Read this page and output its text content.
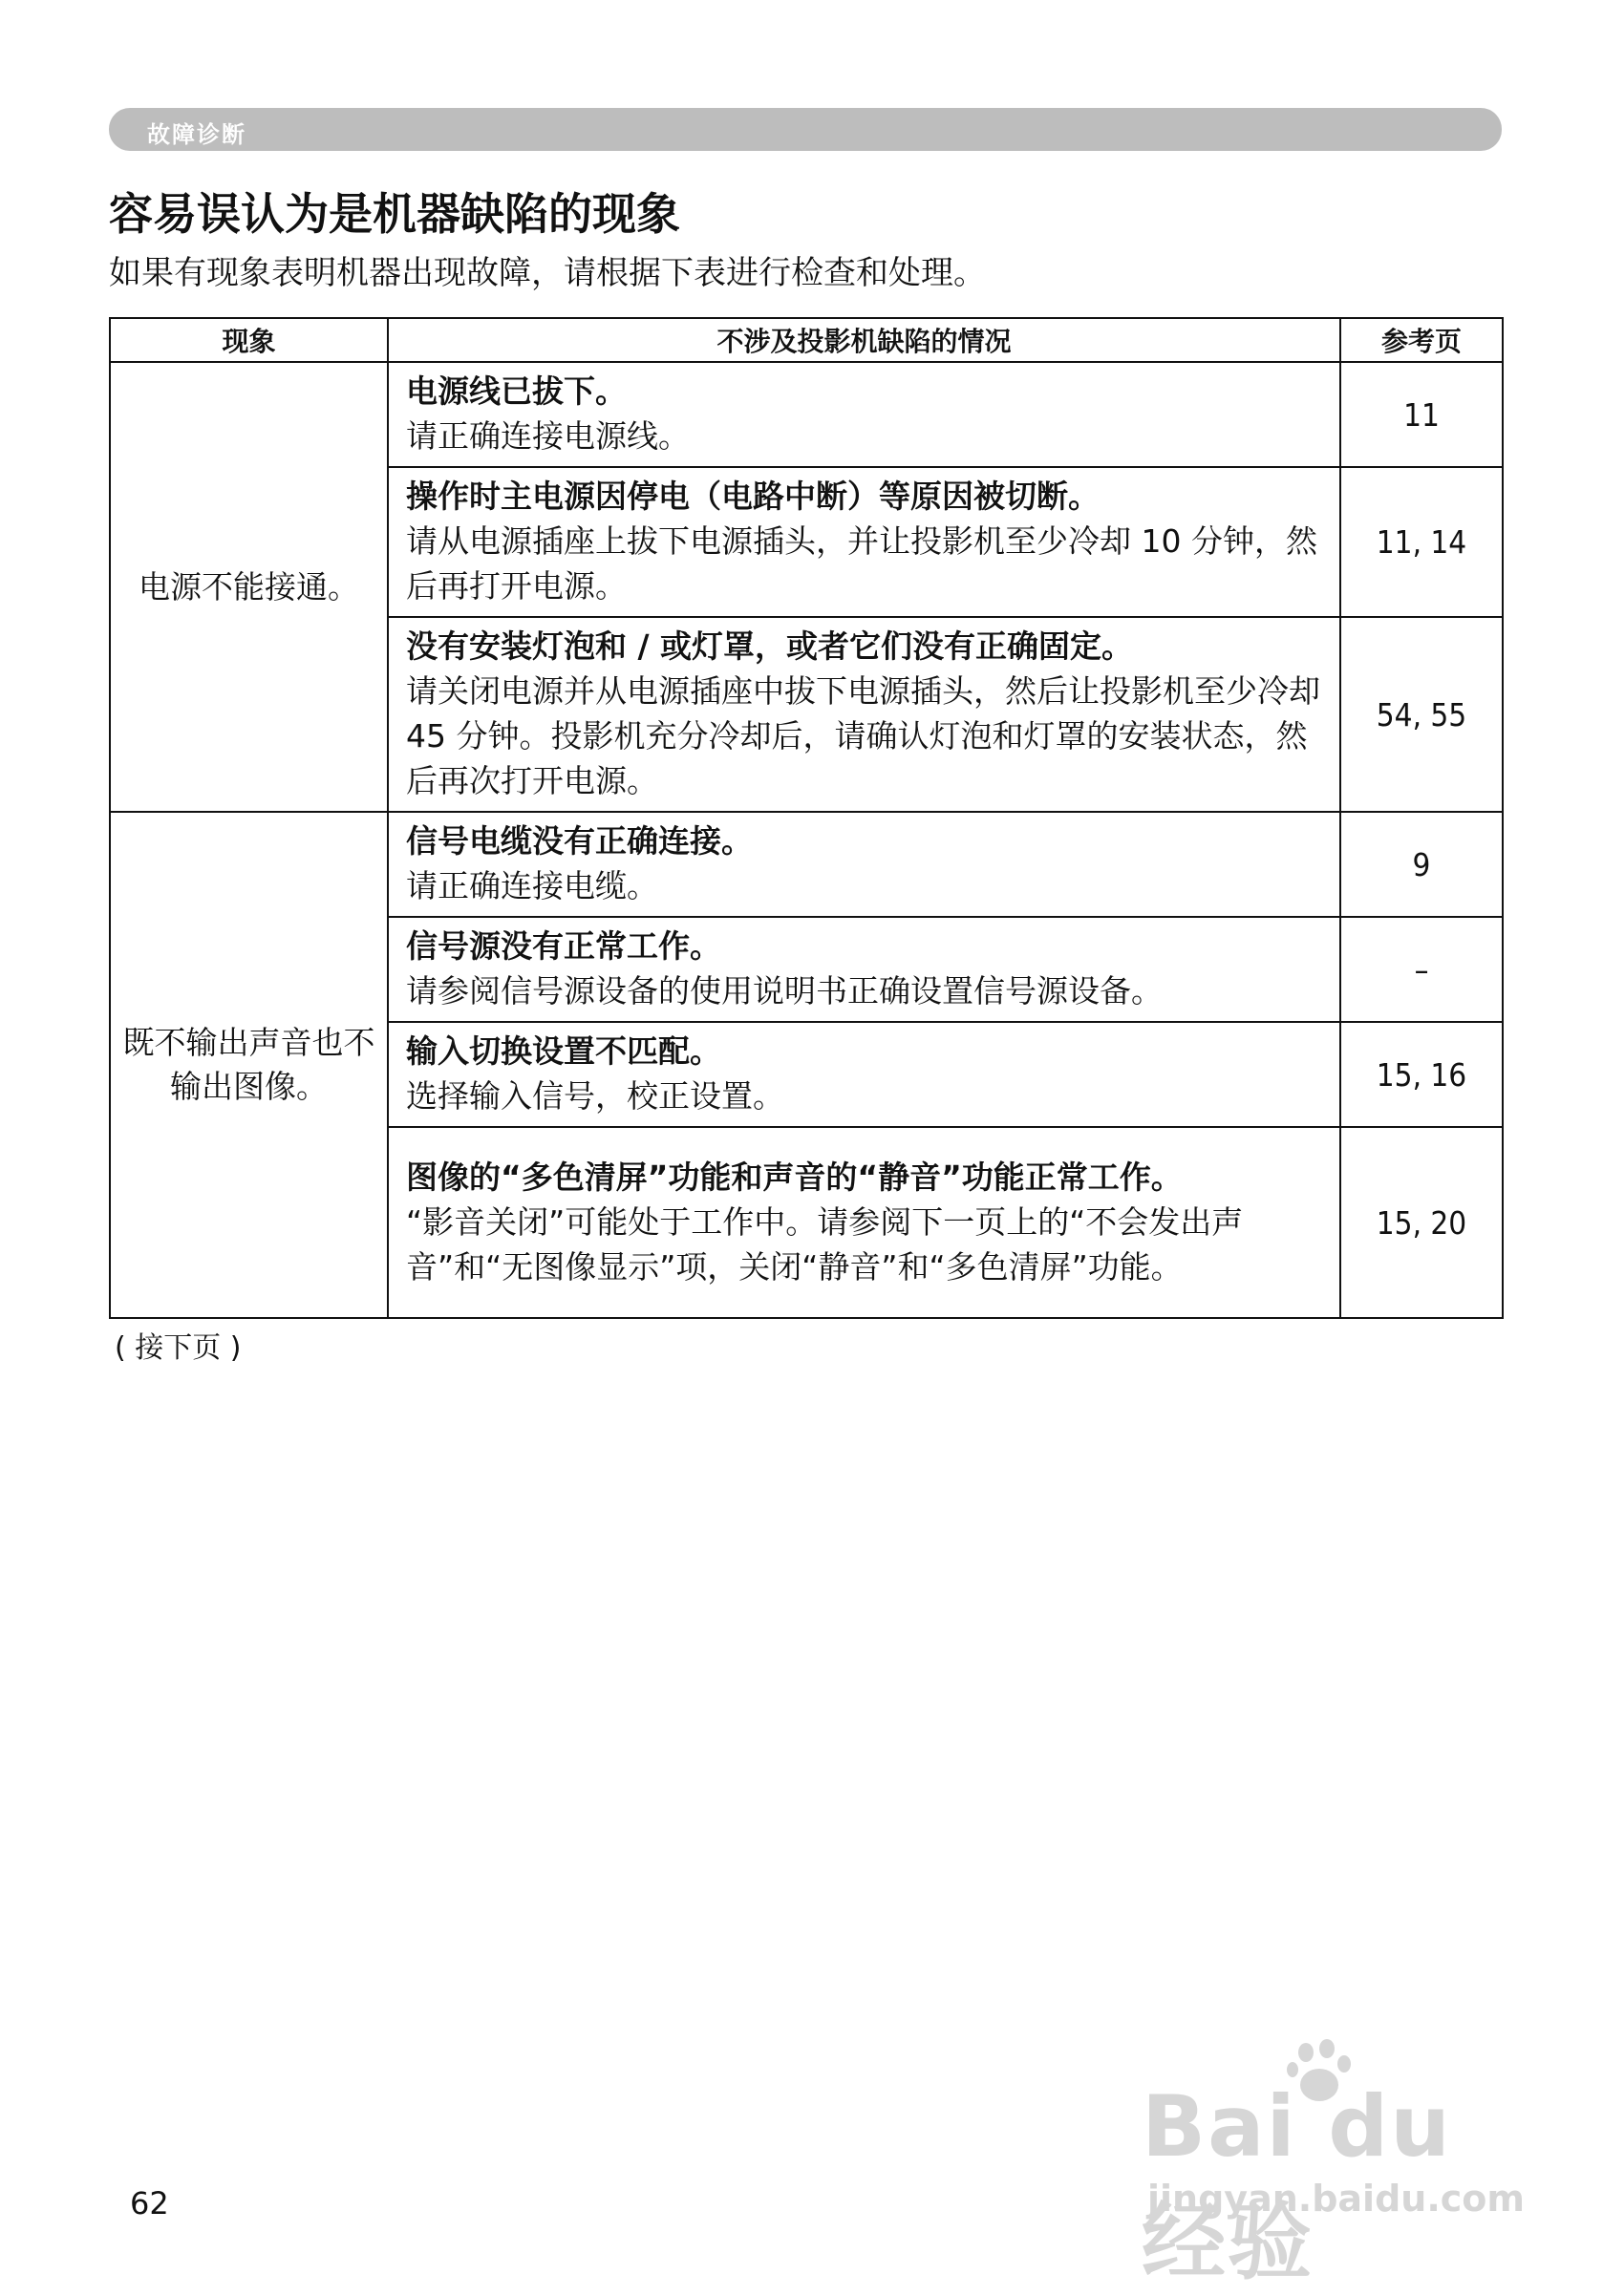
故障诊断
容易误认为是机器缺陷的现象
如果有现象表明机器出现故障，请根据下表进行检查和处理。
现象	不涉及投影机缺陷的情况	参考页
电源不能接通。	电源线已拔下。
请正确连接电源线。	11

	操作时主电源因停电（电路中断）等原因被切断。
请从电源插座上拔下电源插头，并让投影机至少冷却 10 分钟，然后再打开电源。	11, 14

	没有安装灯泡和 / 或灯罩，或者它们没有正确固定。
请关闭电源并从电源插座中拔下电源插头，然后让投影机至少冷却 45 分钟。投影机充分冷却后，请确认灯泡和灯罩的安装状态，然后再次打开电源。	54, 55
既不输出声音也不输出图像。	信号电缆没有正确连接。
请正确连接电缆。	9

	信号源没有正常工作。
请参阅信号源设备的使用说明书正确设置信号源设备。	–

	输入切换设置不匹配。
选择输入信号，校正设置。	15, 16

	图像的“多色清屏”功能和声音的“静音”功能正常工作。
“影音关闭”可能处于工作中。请参阅下一页上的“不会发出声音”和“无图像显示”项，关闭“静音”和“多色清屏”功能。	15, 20
( 接下页 )
62
Bai du 经验
jingyan.baidu.com
